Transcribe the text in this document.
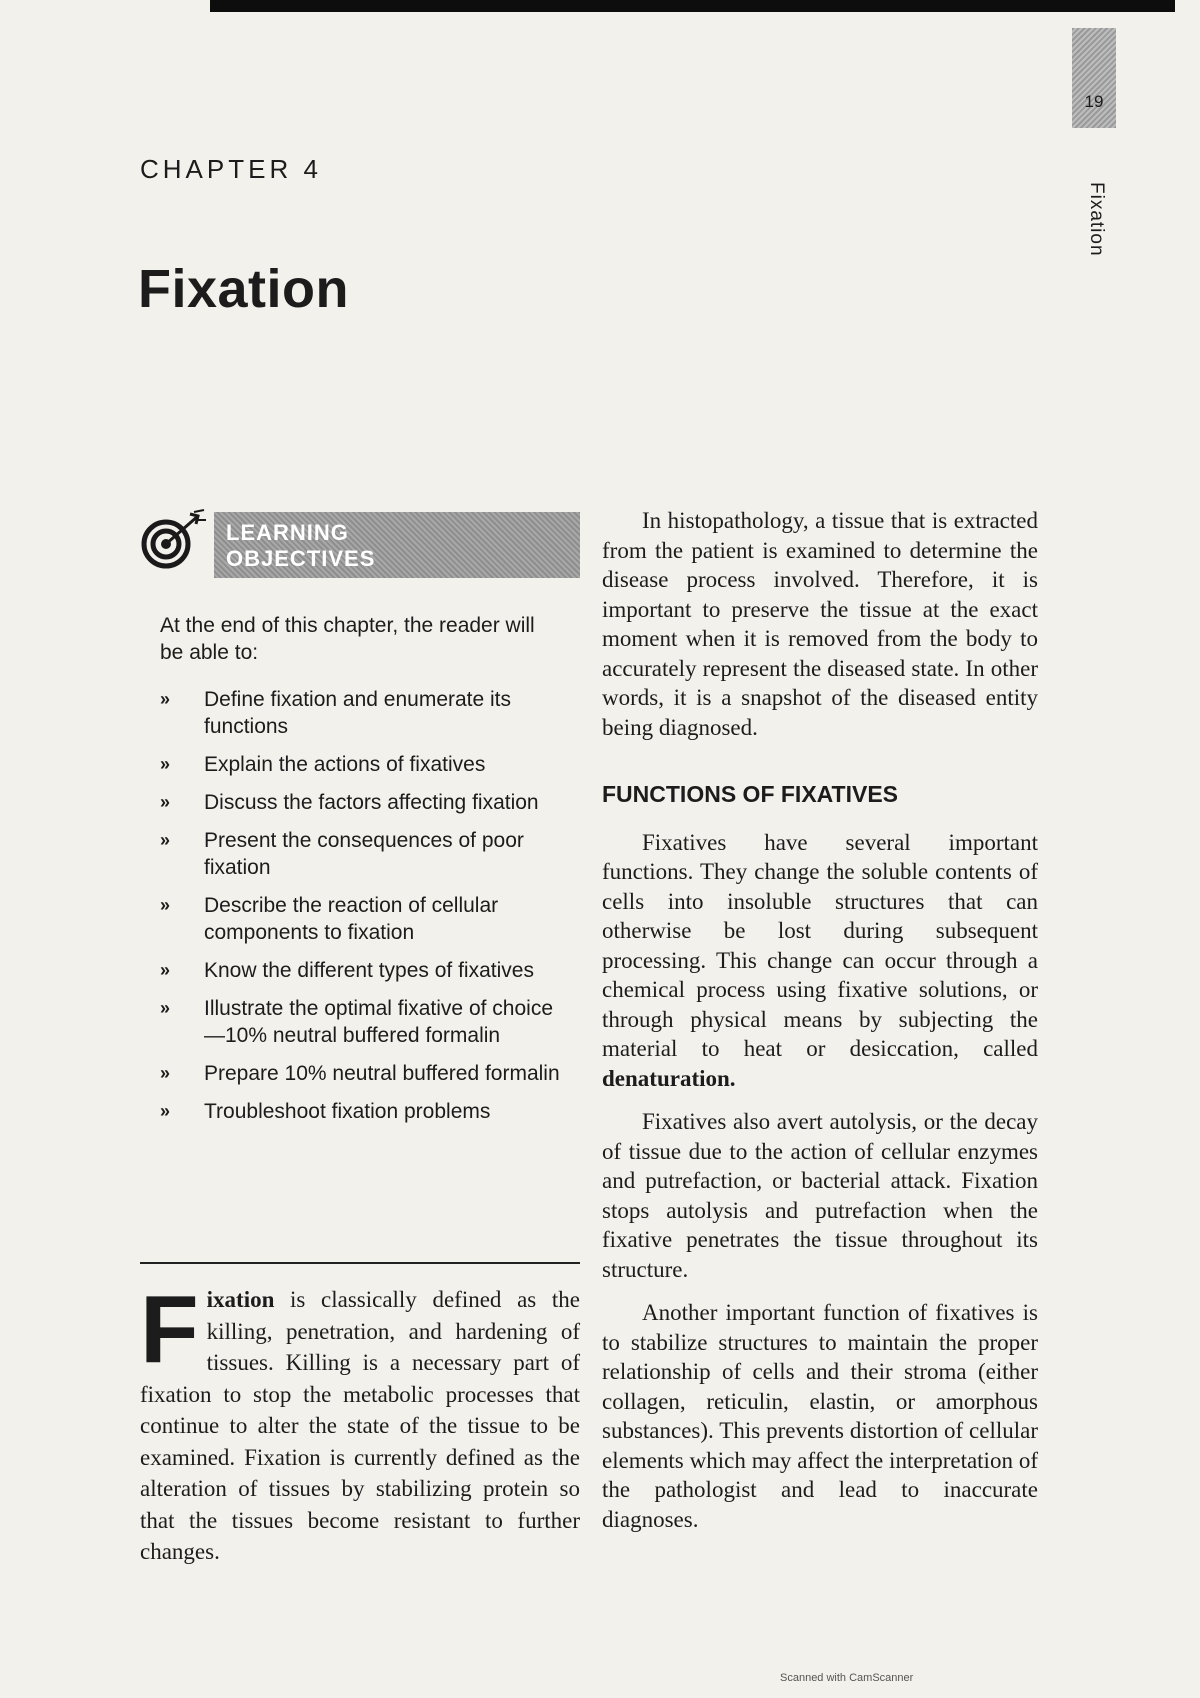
19
Fixation
CHAPTER 4
Fixation
LEARNING
OBJECTIVES
At the end of this chapter, the reader will be able to:
» Define fixation and enumerate its functions
» Explain the actions of fixatives
» Discuss the factors affecting fixation
» Present the consequences of poor fixation
» Describe the reaction of cellular components to fixation
» Know the different types of fixatives
» Illustrate the optimal fixative of choice—10% neutral buffered formalin
» Prepare 10% neutral buffered formalin
» Troubleshoot fixation problems
Fixation is classically defined as the killing, penetration, and hardening of tissues. Killing is a necessary part of fixation to stop the metabolic processes that continue to alter the state of the tissue to be examined. Fixation is currently defined as the alteration of tissues by stabilizing protein so that the tissues become resistant to further changes.

In histopathology, a tissue that is extracted from the patient is examined to determine the disease process involved. Therefore, it is important to preserve the tissue at the exact moment when it is removed from the body to accurately represent the diseased state. In other words, it is a snapshot of the diseased entity being diagnosed.

FUNCTIONS OF FIXATIVES

Fixatives have several important functions. They change the soluble contents of cells into insoluble structures that can otherwise be lost during subsequent processing. This change can occur through a chemical process using fixative solutions, or through physical means by subjecting the material to heat or desiccation, called denaturation.

Fixatives also avert autolysis, or the decay of tissue due to the action of cellular enzymes and putrefaction, or bacterial attack. Fixation stops autolysis and putrefaction when the fixative penetrates the tissue throughout its structure.

Another important function of fixatives is to stabilize structures to maintain the proper relationship of cells and their stroma (either collagen, reticulin, elastin, or amorphous substances). This prevents distortion of cellular elements which may affect the interpretation of the pathologist and lead to inaccurate diagnoses.

Scanned with CamScanner
